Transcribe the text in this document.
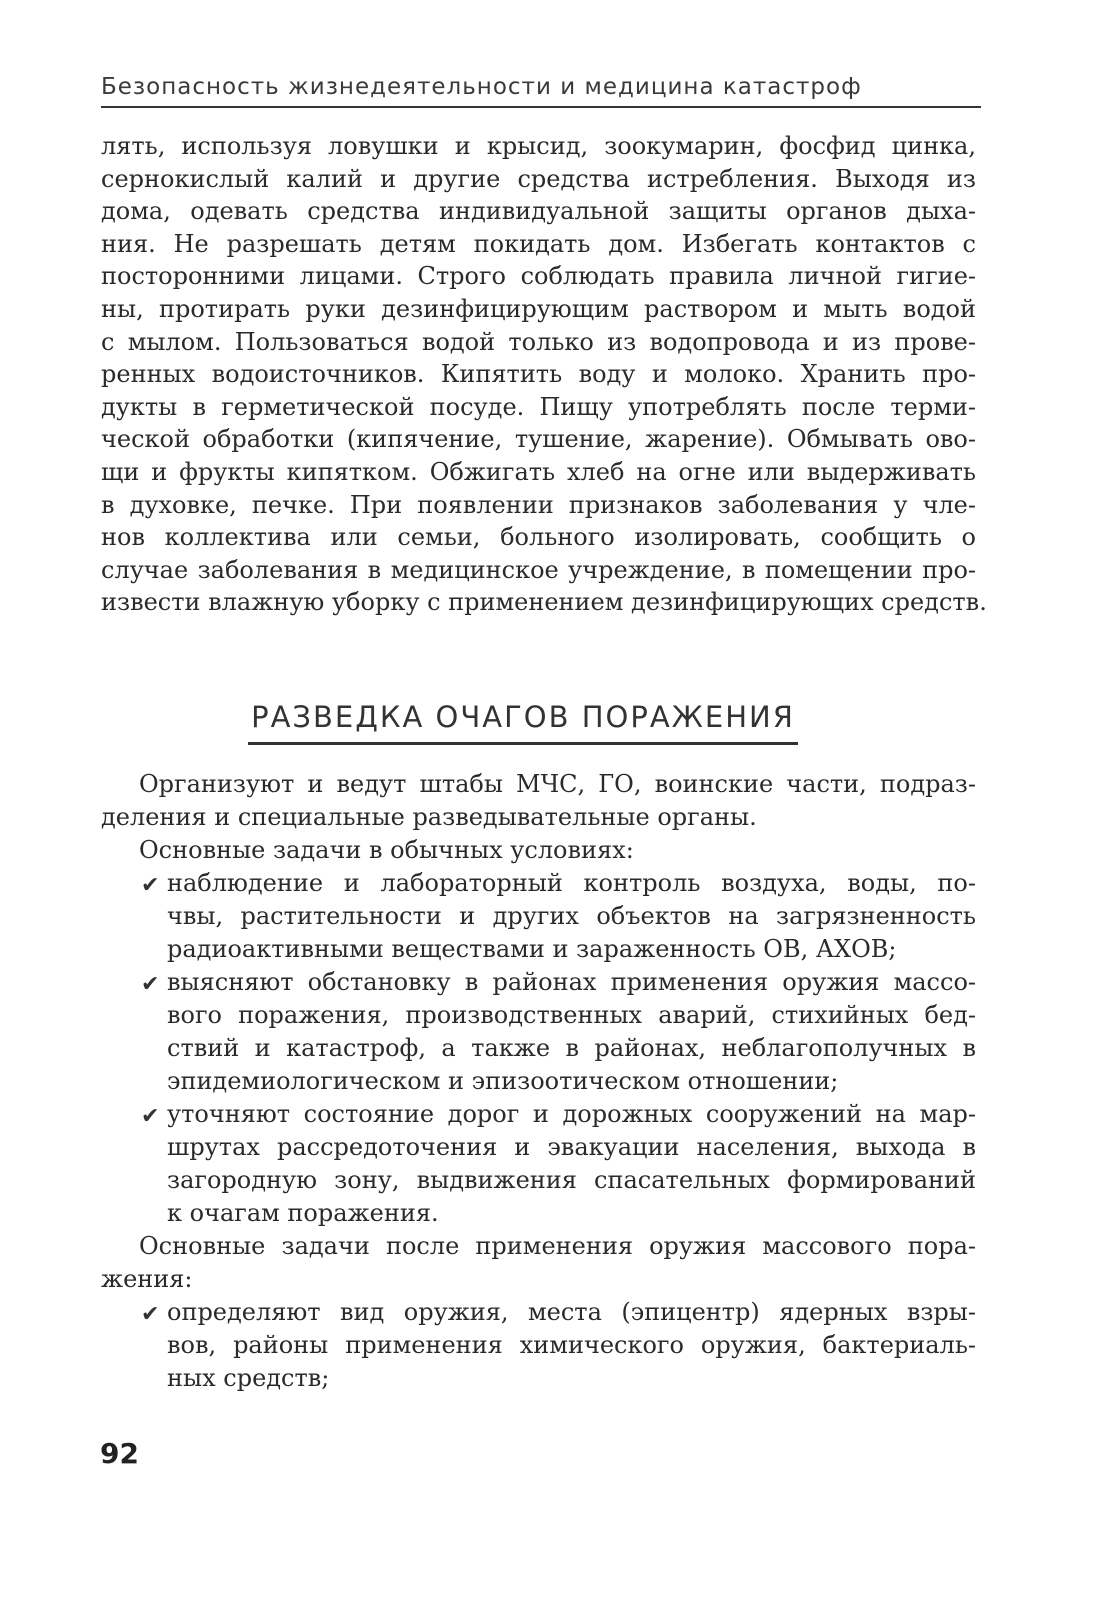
Безопасность жизнедеятельности и медицина катастроф
лять, используя ловушки и крысид, зоокумарин, фосфид цинка,
сернокислый калий и другие средства истребления. Выходя из
дома, одевать средства индивидуальной защиты органов дыха-
ния. Не разрешать детям покидать дом. Избегать контактов с
посторонними лицами. Строго соблюдать правила личной гигие-
ны, протирать руки дезинфицирующим раствором и мыть водой
с мылом. Пользоваться водой только из водопровода и из прове-
ренных водоисточников. Кипятить воду и молоко. Хранить про-
дукты в герметической посуде. Пищу употреблять после терми-
ческой обработки (кипячение, тушение, жарение). Обмывать ово-
щи и фрукты кипятком. Обжигать хлеб на огне или выдерживать
в духовке, печке. При появлении признаков заболевания у чле-
нов коллектива или семьи, больного изолировать, сообщить о
случае заболевания в медицинское учреждение, в помещении про-
извести влажную уборку с применением дезинфицирующих средств.
РАЗВЕДКА ОЧАГОВ ПОРАЖЕНИЯ
Организуют и ведут штабы МЧС, ГО, воинские части, подраз-
деления и специальные разведывательные органы.
Основные задачи в обычных условиях:
✔ наблюдение и лабораторный контроль воздуха, воды, по-
чвы, растительности и других объектов на загрязненность
радиоактивными веществами и зараженность ОВ, АХОВ;
✔ выясняют обстановку в районах применения оружия массо-
вого поражения, производственных аварий, стихийных бед-
ствий и катастроф, а также в районах, неблагополучных в
эпидемиологическом и эпизоотическом отношении;
✔ уточняют состояние дорог и дорожных сооружений на мар-
шрутах рассредоточения и эвакуации населения, выхода в
загородную зону, выдвижения спасательных формирований
к очагам поражения.
Основные задачи после применения оружия массового пора-
жения:
✔ определяют вид оружия, места (эпицентр) ядерных взры-
вов, районы применения химического оружия, бактериаль-
ных средств;
92
